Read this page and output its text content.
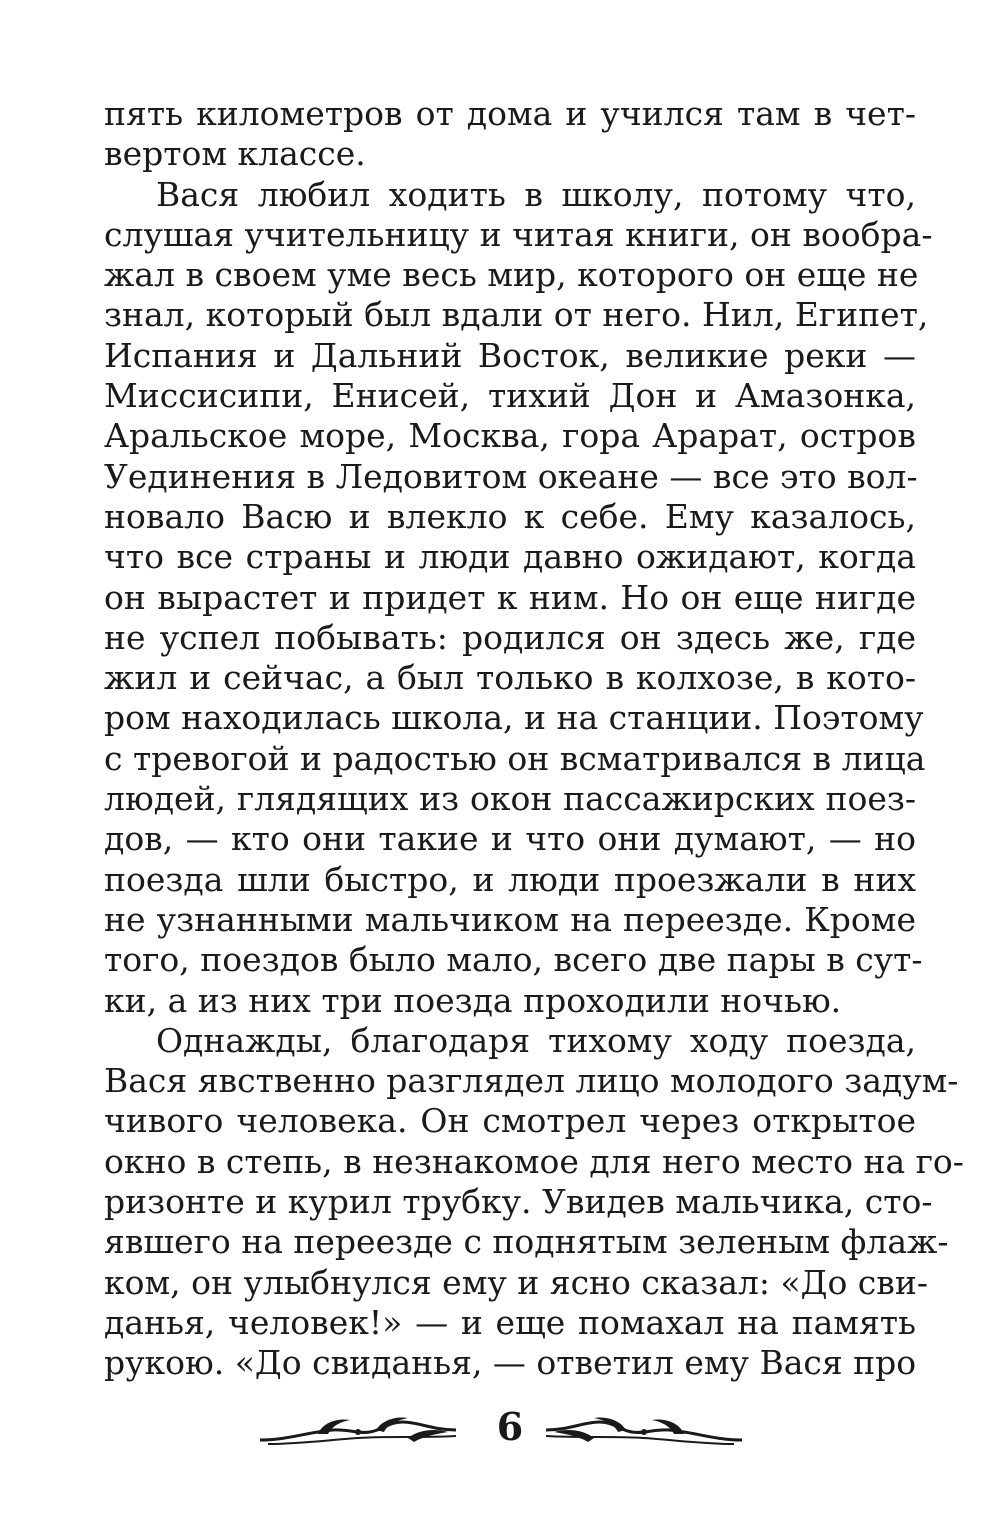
пять километров от дома и учился там в чет-
вертом классе.
Вася любил ходить в школу, потому что,
слушая учительницу и читая книги, он вообра-
жал в своем уме весь мир, которого он еще не
знал, который был вдали от него. Нил, Египет,
Испания и Дальний Восток, великие реки —
Миссисипи, Енисей, тихий Дон и Амазонка,
Аральское море, Москва, гора Арарат, остров
Уединения в Ледовитом океане — все это вол-
новало Васю и влекло к себе. Ему казалось,
что все страны и люди давно ожидают, когда
он вырастет и придет к ним. Но он еще нигде
не успел побывать: родился он здесь же, где
жил и сейчас, а был только в колхозе, в кото-
ром находилась школа, и на станции. Поэтому
с тревогой и радостью он всматривался в лица
людей, глядящих из окон пассажирских поез-
дов, — кто они такие и что они думают, — но
поезда шли быстро, и люди проезжали в них
не узнанными мальчиком на переезде. Кроме
того, поездов было мало, всего две пары в сут-
ки, а из них три поезда проходили ночью.
Однажды, благодаря тихому ходу поезда,
Вася явственно разглядел лицо молодого задум-
чивого человека. Он смотрел через открытое
окно в степь, в незнакомое для него место на го-
ризонте и курил трубку. Увидев мальчика, сто-
явшего на переезде с поднятым зеленым флаж-
ком, он улыбнулся ему и ясно сказал: «До сви-
данья, человек!» — и еще помахал на память
рукою. «До свиданья, — ответил ему Вася про
6
